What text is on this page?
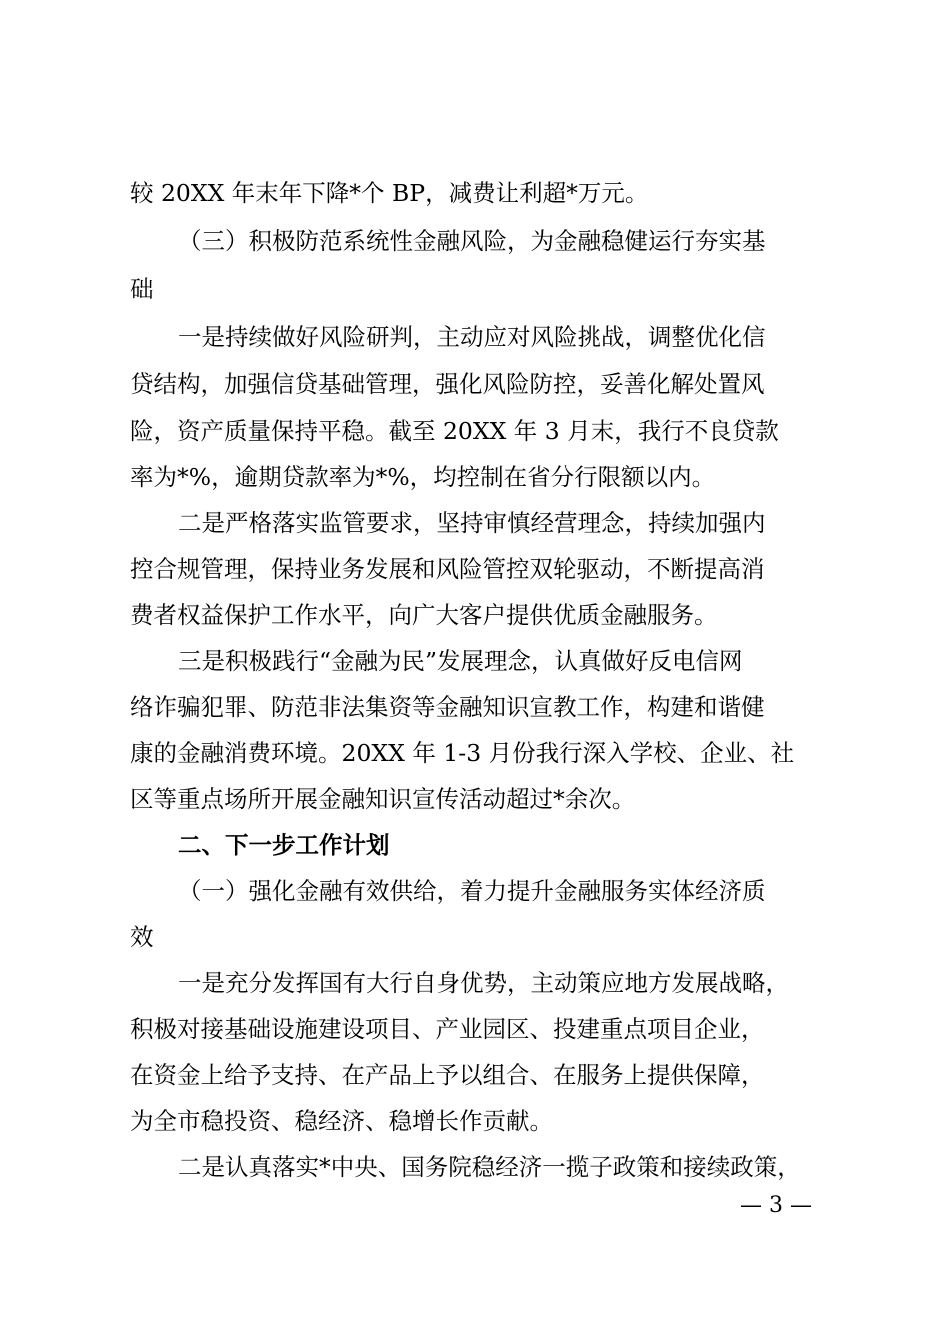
较 20XX 年末年下降*个 BP，减费让利超*万元。
（三）积极防范系统性金融风险，为金融稳健运行夯实基
础
一是持续做好风险研判，主动应对风险挑战，调整优化信
贷结构，加强信贷基础管理，强化风险防控，妥善化解处置风
险，资产质量保持平稳。截至 20XX 年 3 月末，我行不良贷款
率为*%，逾期贷款率为*%，均控制在省分行限额以内。
二是严格落实监管要求，坚持审慎经营理念，持续加强内
控合规管理，保持业务发展和风险管控双轮驱动，不断提高消
费者权益保护工作水平，向广大客户提供优质金融服务。
三是积极践行“金融为民”发展理念，认真做好反电信网
络诈骗犯罪、防范非法集资等金融知识宣教工作，构建和谐健
康的金融消费环境。20XX 年 1-3 月份我行深入学校、企业、社
区等重点场所开展金融知识宣传活动超过*余次。
二、下一步工作计划
（一）强化金融有效供给，着力提升金融服务实体经济质
效
一是充分发挥国有大行自身优势，主动策应地方发展战略，
积极对接基础设施建设项目、产业园区、投建重点项目企业，
在资金上给予支持、在产品上予以组合、在服务上提供保障，
为全市稳投资、稳经济、稳增长作贡献。
二是认真落实*中央、国务院稳经济一揽子政策和接续政策，
— 3 —
